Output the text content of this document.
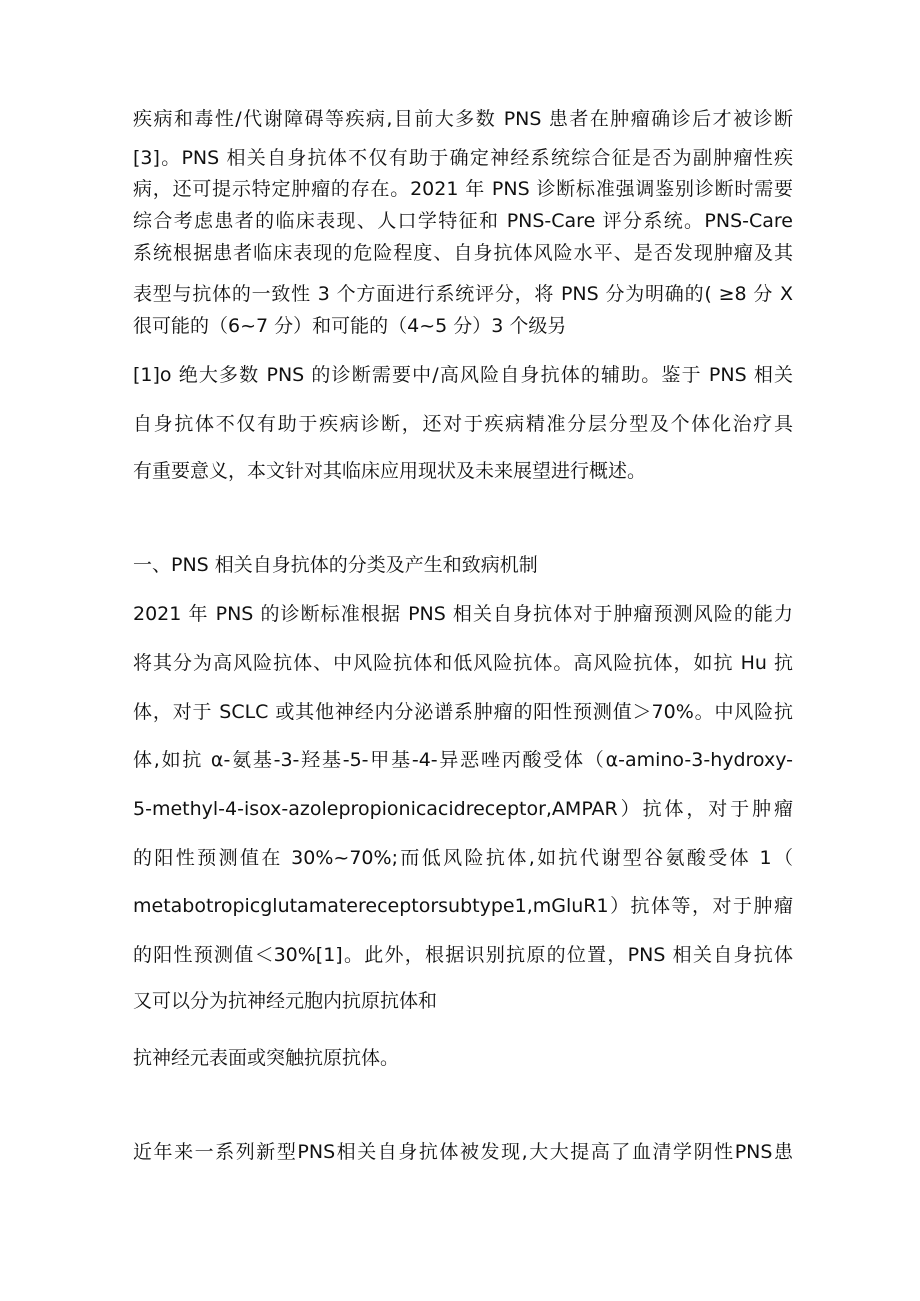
疾病和毒性/代谢障碍等疾病,目前大多数 PNS 患者在肿瘤确诊后才被诊断
[3]。PNS 相关自身抗体不仅有助于确定神经系统综合征是否为副肿瘤性疾
病，还可提示特定肿瘤的存在。2021 年 PNS 诊断标准强调鉴别诊断时需要
综合考虑患者的临床表现、人口学特征和 PNS-Care 评分系统。PNS-Care
系统根据患者临床表现的危险程度、自身抗体风险水平、是否发现肿瘤及其
表型与抗体的一致性 3 个方面进行系统评分，将 PNS 分为明确的( ≥8 分 X
很可能的（6~7 分）和可能的（4~5 分）3 个级另
[1]o 绝大多数 PNS 的诊断需要中/高风险自身抗体的辅助。鉴于 PNS 相关
自身抗体不仅有助于疾病诊断，还对于疾病精准分层分型及个体化治疗具
有重要意义，本文针对其临床应用现状及未来展望进行概述。
一、PNS 相关自身抗体的分类及产生和致病机制
2021 年 PNS 的诊断标准根据 PNS 相关自身抗体对于肿瘤预测风险的能力
将其分为高风险抗体、中风险抗体和低风险抗体。高风险抗体，如抗 Hu 抗
体，对于 SCLC 或其他神经内分泌谱系肿瘤的阳性预测值＞70%。中风险抗
体,如抗 α-氨基-3-羟基-5-甲基-4-异恶唑丙酸受体（α-amino-3-hydroxy-
5-methyl-4-isox-azolepropionicacidreceptor,AMPAR）抗体，对于肿瘤
的阳性预测值在 30%~70%;而低风险抗体,如抗代谢型谷氨酸受体 1（
metabotropicglutamatereceptorsubtype1,mGluR1）抗体等，对于肿瘤
的阳性预测值＜30%[1]。此外，根据识别抗原的位置，PNS 相关自身抗体
又可以分为抗神经元胞内抗原抗体和
抗神经元表面或突触抗原抗体。
近年来一系列新型PNS相关自身抗体被发现,大大提高了血清学阴性PNS患
